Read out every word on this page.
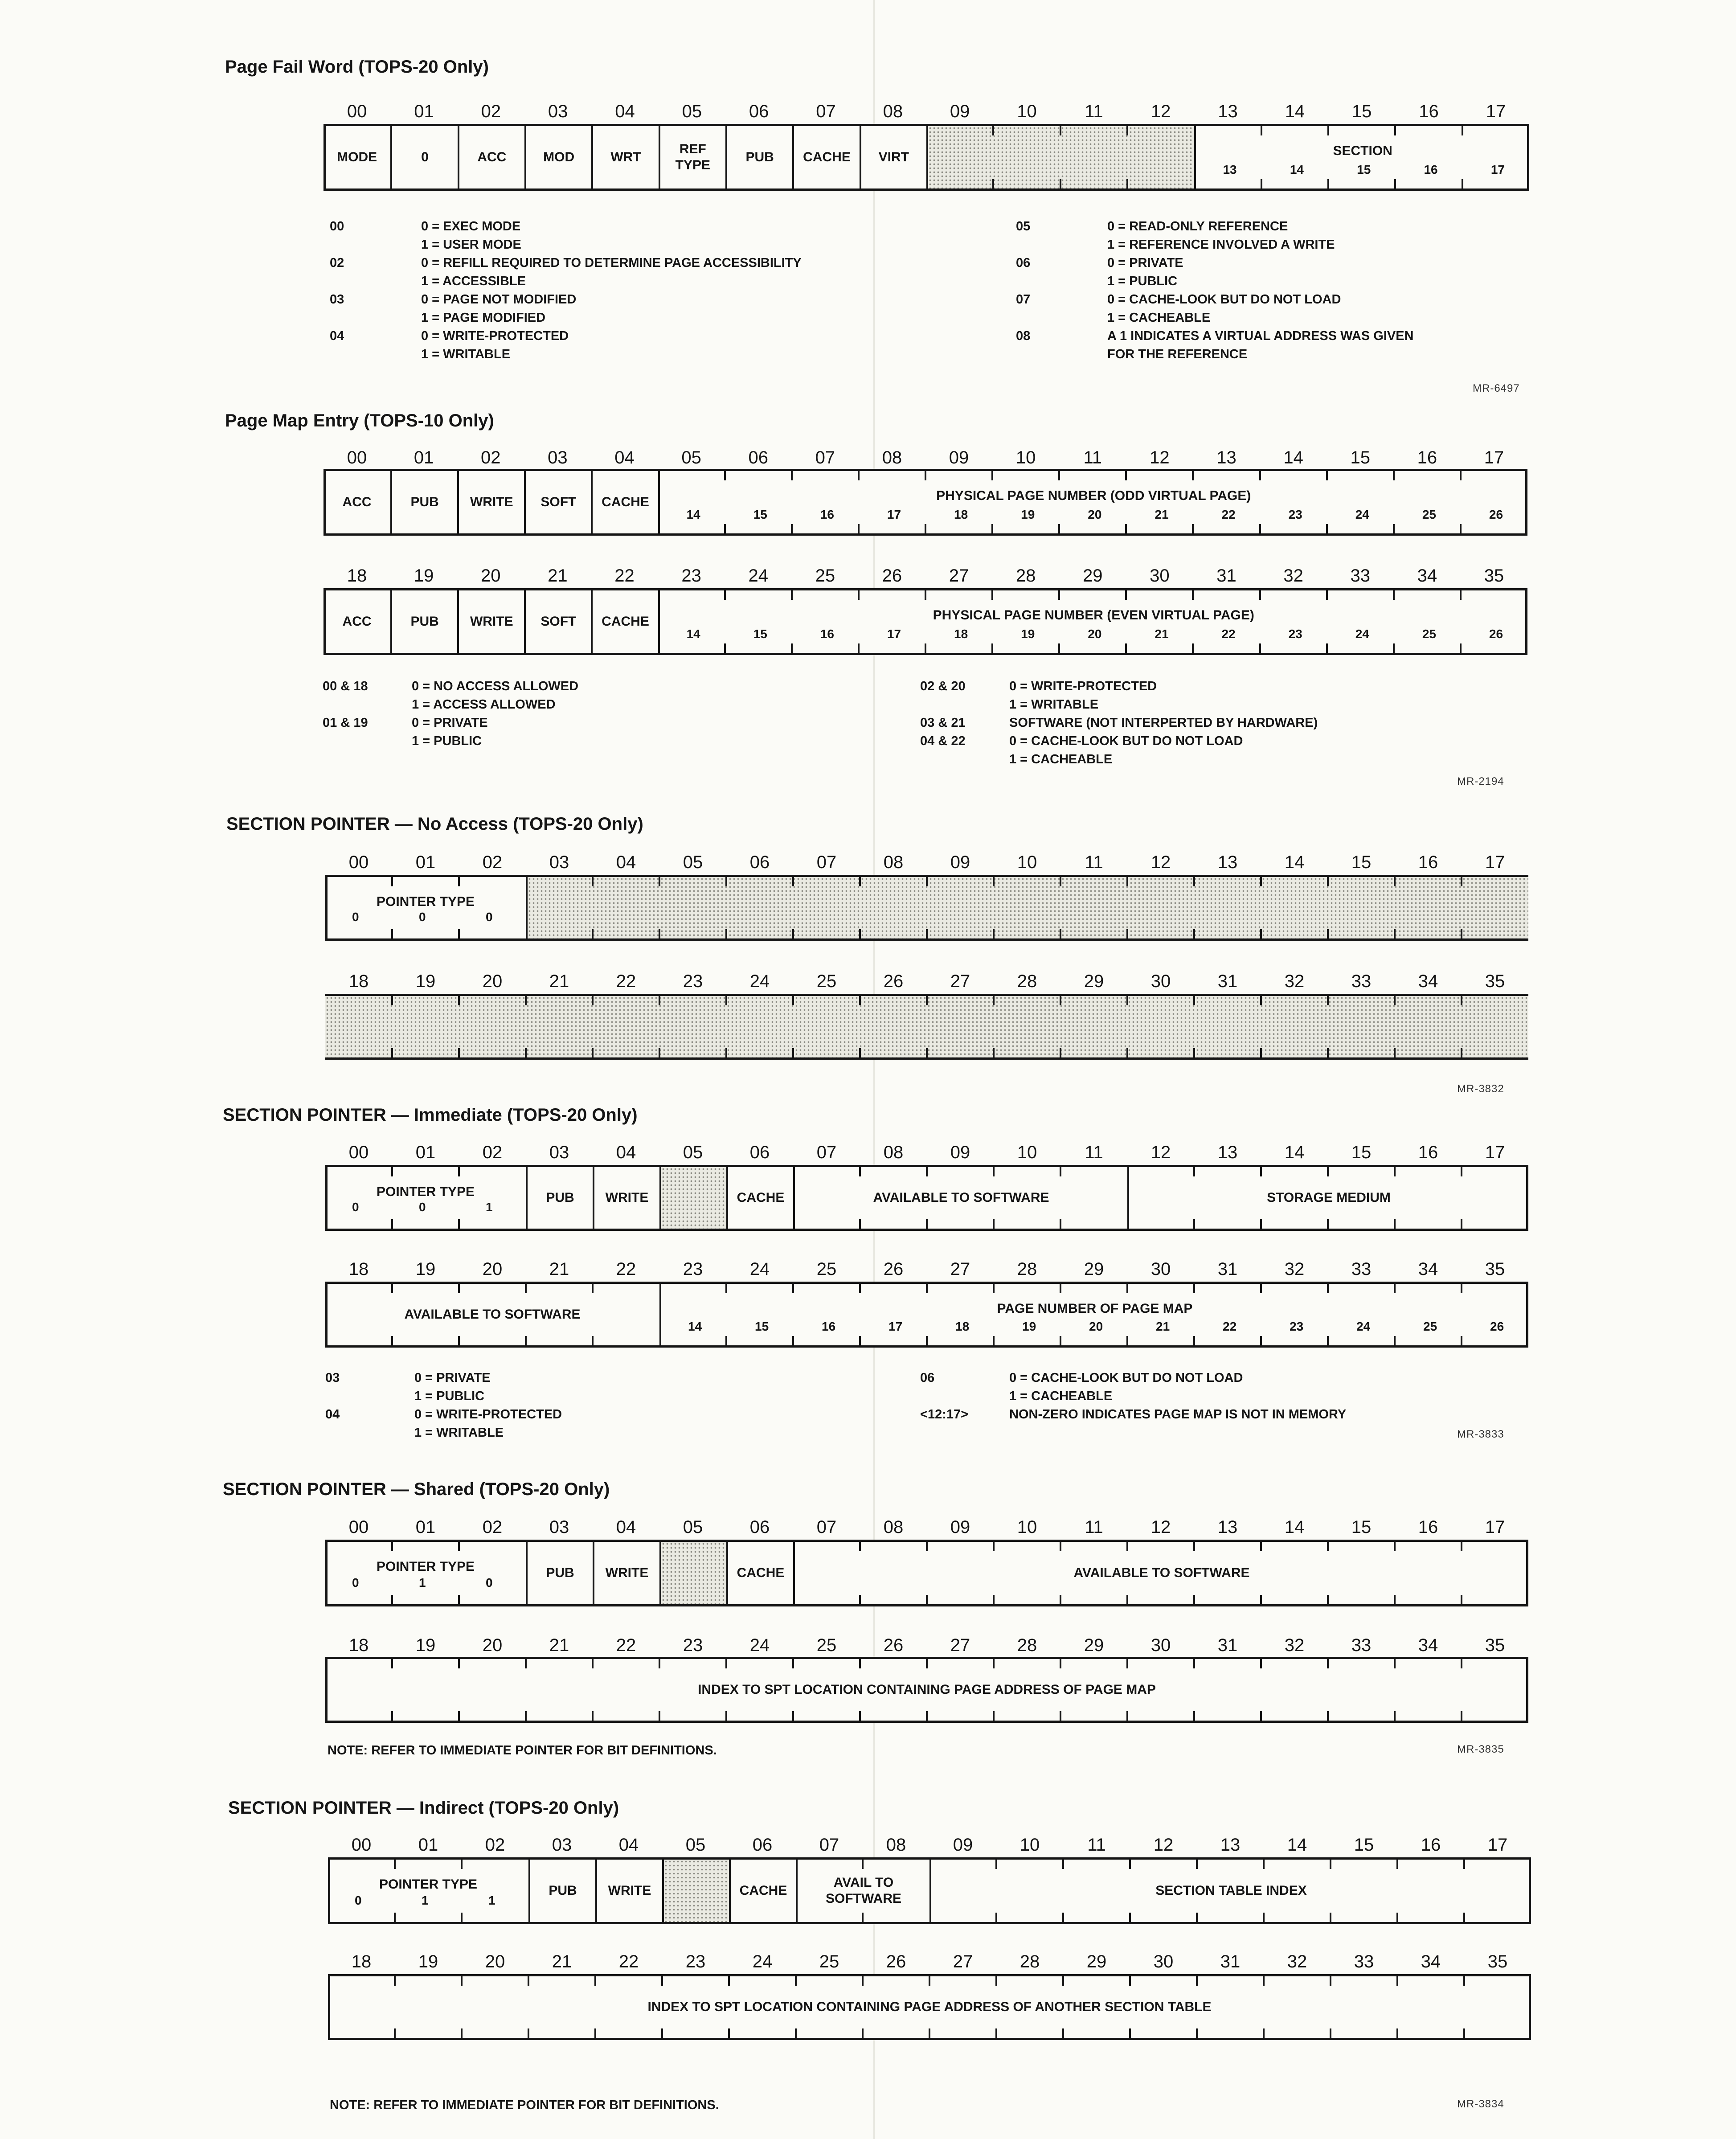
Page Fail Word (TOPS-20 Only)
MR-6497
00	01	02	03	04	05	06	07	08	09	10	11	12	13	14	15	16	17
MODE	0	ACC	MOD	WRT
REF
TYPE
PUB	CACHE	VIRT	SECTION
13	14	15	16	17
00	0 = EXEC MODE
1 = USER MODE
02	0 = REFILL REQUIRED TO DETERMINE PAGE ACCESSIBILITY
1 = ACCESSIBLE
03	0 = PAGE NOT MODIFIED
1 = PAGE MODIFIED
04	0 = WRITE-PROTECTED
1 = WRITABLE
05	0 = READ-ONLY REFERENCE
1 = REFERENCE INVOLVED A WRITE
06	0 = PRIVATE
1 = PUBLIC
07	0 = CACHE-LOOK BUT DO NOT LOAD
1 = CACHEABLE
08	A 1 INDICATES A VIRTUAL ADDRESS WAS GIVEN
FOR THE REFERENCE
Page Map Entry (TOPS-10 Only)
MR-2194
00	01	02	03	04	05	06	07	08	09	10	11	12	13	14	15	16	17
ACC	PUB	WRITE	SOFT	CACHE	PHYSICAL PAGE NUMBER (ODD VIRTUAL PAGE)
14	15	16	17	18	19	20	21	22	23	24	25	26
18	19	20	21	22	23	24	25	26	27	28	29	30	31	32	33	34	35
ACC	PUB	WRITE	SOFT	CACHE	PHYSICAL PAGE NUMBER (EVEN VIRTUAL PAGE)
14	15	16	17	18	19	20	21	22	23	24	25	26
00 & 18	0 = NO ACCESS ALLOWED
1 = ACCESS ALLOWED
01 & 19	0 = PRIVATE
1 = PUBLIC
02 & 20	0 = WRITE-PROTECTED
1 = WRITABLE
03 & 21	SOFTWARE (NOT INTERPERTED BY HARDWARE)
04 & 22	0 = CACHE-LOOK BUT DO NOT LOAD
1 = CACHEABLE
SECTION POINTER — No Access (TOPS-20 Only)
MR-3832
00	01	02	03	04	05	06	07	08	09	10	11	12	13	14	15	16	17
POINTER TYPE
0	0	0
18	19	20	21	22	23	24	25	26	27	28	29	30	31	32	33	34	35
SECTION POINTER — Immediate (TOPS-20 Only)
MR-3833
00	01	02	03	04	05	06	07	08	09	10	11	12	13	14	15	16	17
POINTER TYPE
0	0	1
PUB	WRITE	CACHE	AVAILABLE TO SOFTWARE	STORAGE MEDIUM
18	19	20	21	22	23	24	25	26	27	28	29	30	31	32	33	34	35
AVAILABLE TO SOFTWARE	PAGE NUMBER OF PAGE MAP
14	15	16	17	18	19	20	21	22	23	24	25	26
03	0 = PRIVATE
1 = PUBLIC
04	0 = WRITE-PROTECTED
1 = WRITABLE
06	0 = CACHE-LOOK BUT DO NOT LOAD
1 = CACHEABLE
<12:17>	NON-ZERO INDICATES PAGE MAP IS NOT IN MEMORY
SECTION POINTER — Shared (TOPS-20 Only)
MR-3835
00	01	02	03	04	05	06	07	08	09	10	11	12	13	14	15	16	17
POINTER TYPE
0	1	0
PUB	WRITE	CACHE	AVAILABLE TO SOFTWARE
18	19	20	21	22	23	24	25	26	27	28	29	30	31	32	33	34	35
INDEX TO SPT LOCATION CONTAINING PAGE ADDRESS OF PAGE MAP
NOTE: REFER TO IMMEDIATE POINTER FOR BIT DEFINITIONS.
SECTION POINTER — Indirect (TOPS-20 Only)
MR-3834
00	01	02	03	04	05	06	07	08	09	10	11	12	13	14	15	16	17
POINTER TYPE
0	1	1
PUB	WRITE	CACHE
AVAIL TO
SOFTWARE
SECTION TABLE INDEX
18	19	20	21	22	23	24	25	26	27	28	29	30	31	32	33	34	35
INDEX TO SPT LOCATION CONTAINING PAGE ADDRESS OF ANOTHER SECTION TABLE
NOTE: REFER TO IMMEDIATE POINTER FOR BIT DEFINITIONS.
